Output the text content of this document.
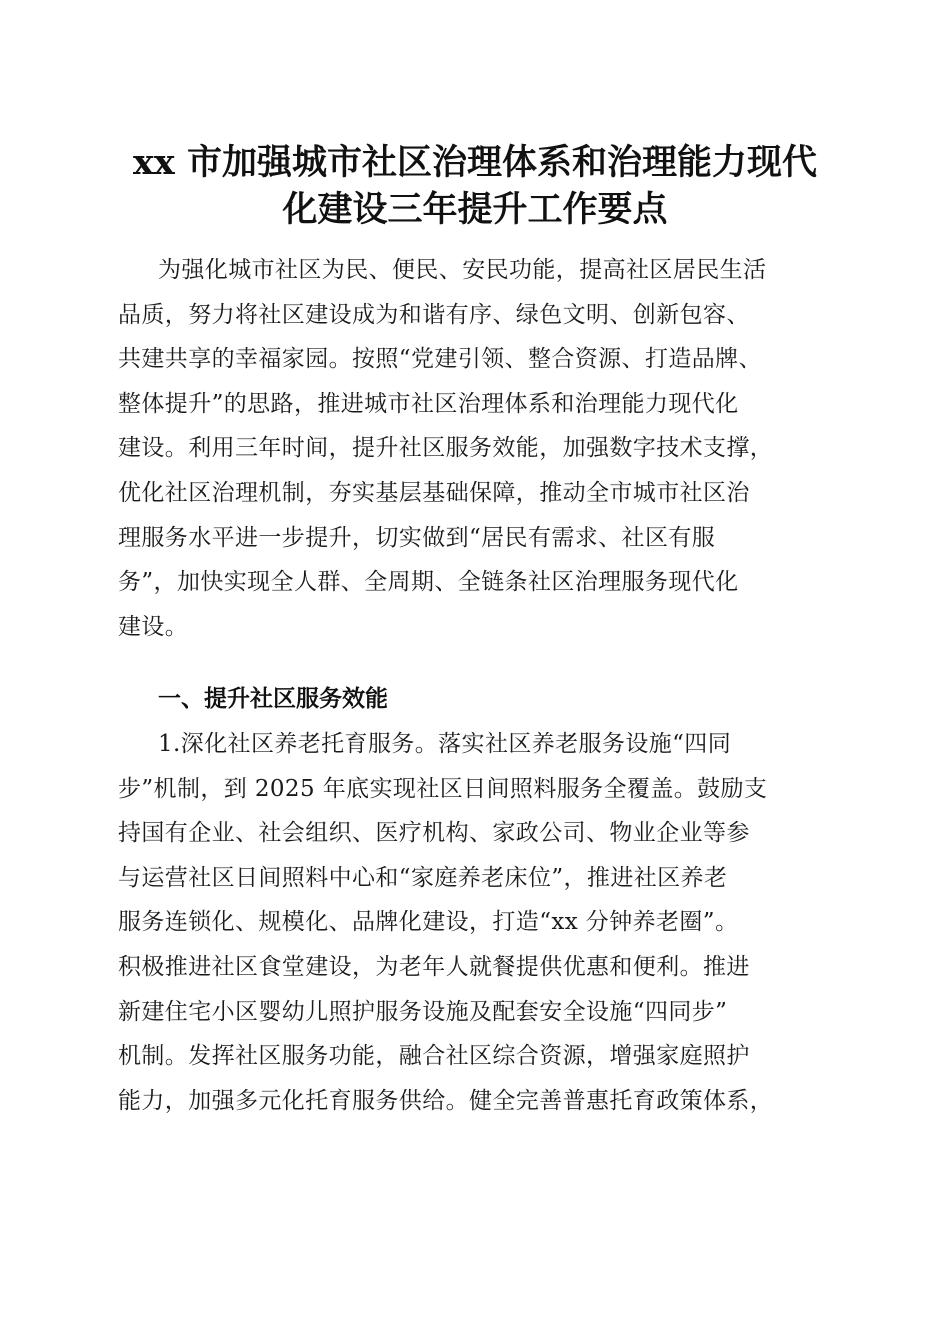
xx 市加强城市社区治理体系和治理能力现代
化建设三年提升工作要点
为强化城市社区为民、便民、安民功能，提高社区居民生活
品质，努力将社区建设成为和谐有序、绿色文明、创新包容、
共建共享的幸福家园。按照“党建引领、整合资源、打造品牌、
整体提升”的思路，推进城市社区治理体系和治理能力现代化
建设。利用三年时间，提升社区服务效能，加强数字技术支撑，
优化社区治理机制，夯实基层基础保障，推动全市城市社区治
理服务水平进一步提升，切实做到“居民有需求、社区有服
务”，加快实现全人群、全周期、全链条社区治理服务现代化
建设。
一、提升社区服务效能
1.深化社区养老托育服务。落实社区养老服务设施“四同
步”机制，到 2025 年底实现社区日间照料服务全覆盖。鼓励支
持国有企业、社会组织、医疗机构、家政公司、物业企业等参
与运营社区日间照料中心和“家庭养老床位”，推进社区养老
服务连锁化、规模化、品牌化建设，打造“xx 分钟养老圈”。
积极推进社区食堂建设，为老年人就餐提供优惠和便利。推进
新建住宅小区婴幼儿照护服务设施及配套安全设施“四同步”
机制。发挥社区服务功能，融合社区综合资源，增强家庭照护
能力，加强多元化托育服务供给。健全完善普惠托育政策体系，
